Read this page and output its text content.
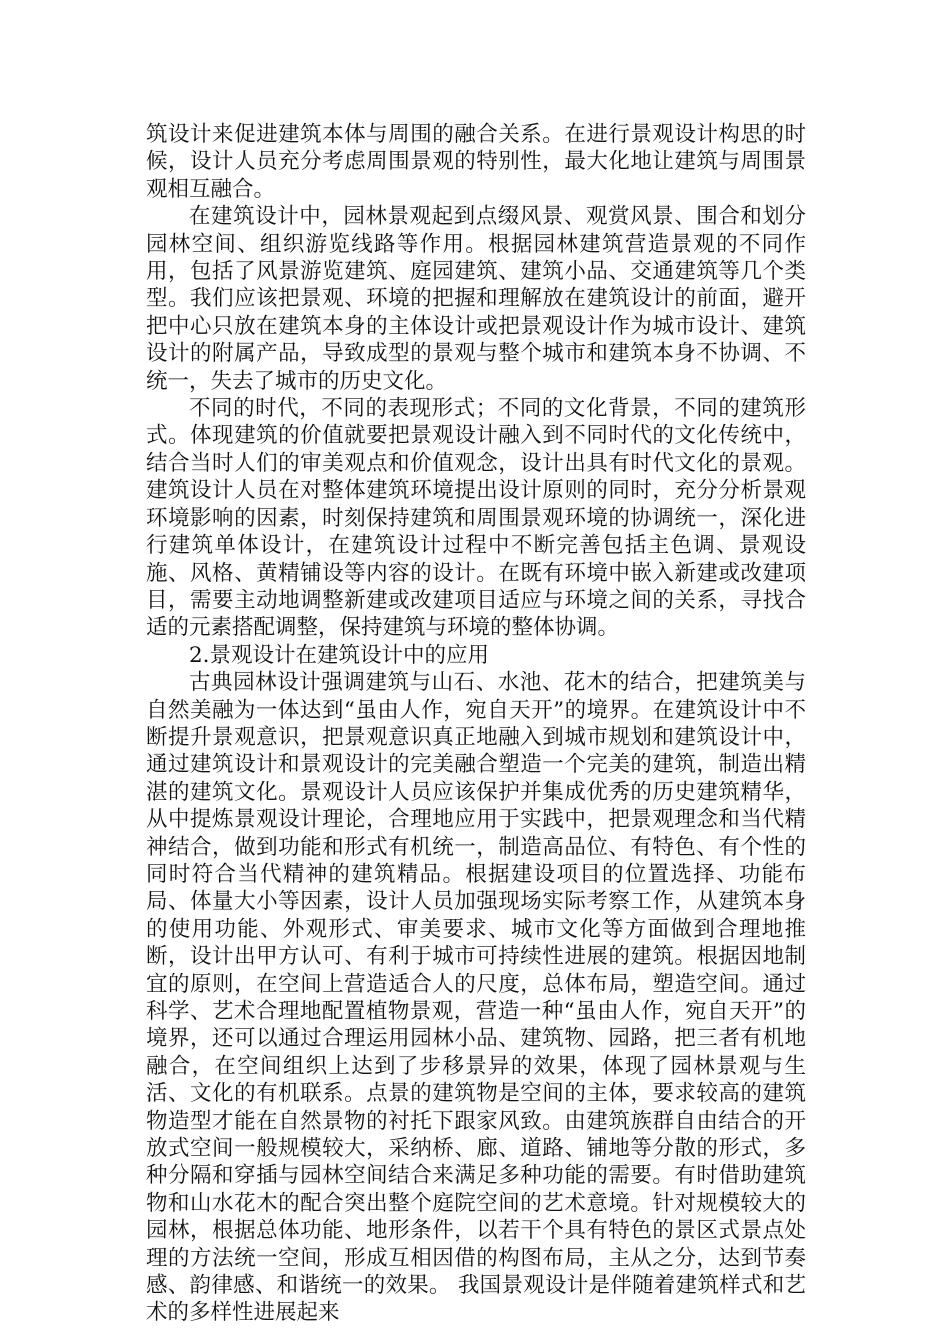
筑设计来促进建筑本体与周围的融合关系。在进行景观设计构思的时候，设计人员充分考虑周围景观的特别性，最大化地让建筑与周围景观相互融合。

在建筑设计中，园林景观起到点缀风景、观赏风景、围合和划分园林空间、组织游览线路等作用。根据园林建筑营造景观的不同作用，包括了风景游览建筑、庭园建筑、建筑小品、交通建筑等几个类型。我们应该把景观、环境的把握和理解放在建筑设计的前面，避开把中心只放在建筑本身的主体设计或把景观设计作为城市设计、建筑设计的附属产品，导致成型的景观与整个城市和建筑本身不协调、不统一，失去了城市的历史文化。

不同的时代，不同的表现形式；不同的文化背景，不同的建筑形式。体现建筑的价值就要把景观设计融入到不同时代的文化传统中，结合当时人们的审美观点和价值观念，设计出具有时代文化的景观。建筑设计人员在对整体建筑环境提出设计原则的同时，充分分析景观环境影响的因素，时刻保持建筑和周围景观环境的协调统一，深化进行建筑单体设计，在建筑设计过程中不断完善包括主色调、景观设施、风格、黄精铺设等内容的设计。在既有环境中嵌入新建或改建项目，需要主动地调整新建或改建项目适应与环境之间的关系，寻找合适的元素搭配调整，保持建筑与环境的整体协调。

2.景观设计在建筑设计中的应用

古典园林设计强调建筑与山石、水池、花木的结合，把建筑美与自然美融为一体达到“虽由人作，宛自天开”的境界。在建筑设计中不断提升景观意识，把景观意识真正地融入到城市规划和建筑设计中，通过建筑设计和景观设计的完美融合塑造一个完美的建筑，制造出精湛的建筑文化。景观设计人员应该保护并集成优秀的历史建筑精华，从中提炼景观设计理论，合理地应用于实践中，把景观理念和当代精神结合，做到功能和形式有机统一，制造高品位、有特色、有个性的同时符合当代精神的建筑精品。根据建设项目的位置选择、功能布局、体量大小等因素，设计人员加强现场实际考察工作，从建筑本身的使用功能、外观形式、审美要求、城市文化等方面做到合理地推断，设计出甲方认可、有利于城市可持续性进展的建筑。根据因地制宜的原则，在空间上营造适合人的尺度，总体布局，塑造空间。通过科学、艺术合理地配置植物景观，营造一种“虽由人作，宛自天开”的境界，还可以通过合理运用园林小品、建筑物、园路，把三者有机地融合，在空间组织上达到了步移景异的效果，体现了园林景观与生活、文化的有机联系。点景的建筑物是空间的主体，要求较高的建筑物造型才能在自然景物的衬托下跟家风致。由建筑族群自由结合的开放式空间一般规模较大，采纳桥、廊、道路、铺地等分散的形式，多种分隔和穿插与园林空间结合来满足多种功能的需要。有时借助建筑物和山水花木的配合突出整个庭院空间的艺术意境。针对规模较大的园林，根据总体功能、地形条件，以若干个具有特色的景区式景点处理的方法统一空间，形成互相因借的构图布局，主从之分，达到节奏感、韵律感、和谐统一的效果。 我国景观设计是伴随着建筑样式和艺术的多样性进展起来
